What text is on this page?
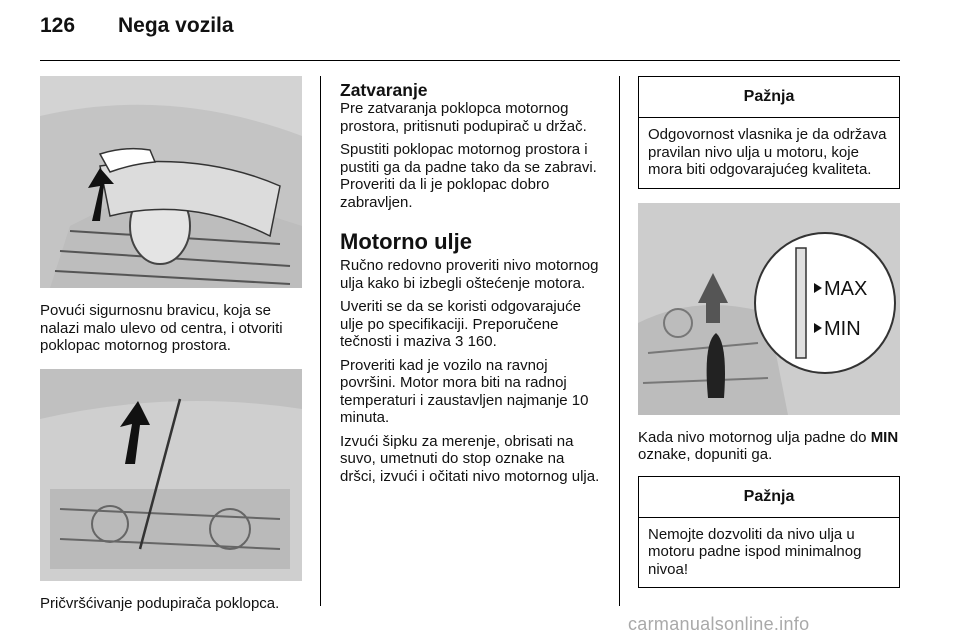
126	Nega vozila

Povući sigurnosnu bravicu, koja se nalazi malo ulevo od centra, i otvoriti poklopac motornog prostora.

Pričvršćivanje podupirača poklopca.

Zatvaranje

Pre zatvaranja poklopca motornog prostora, pritisnuti podupirač u držač.

Spustiti poklopac motornog prostora i pustiti ga da padne tako da se zabravi. Proveriti da li je poklopac dobro zabravljen.

Motorno ulje

Ručno redovno proveriti nivo motornog ulja kako bi izbegli oštećenje motora.

Uveriti se da se koristi odgovarajuće ulje po specifikaciji. Preporučene tečnosti i maziva 3 160.

Proveriti kad je vozilo na ravnoj površini. Motor mora biti na radnoj temperaturi i zaustavljen najmanje 10 minuta.

Izvući šipku za merenje, obrisati na suvo, umetnuti do stop oznake na dršci, izvući i očitati nivo motornog ulja.

Pažnja
Odgovornost vlasnika je da održava pravilan nivo ulja u motoru, koje mora biti odgovarajućeg kvaliteta.
MAX
MIN

Kada nivo motornog ulja padne do MIN oznake, dopuniti ga.

Pažnja
Nemojte dozvoliti da nivo ulja u motoru padne ispod minimalnog nivoa!
carmanualsonline.info
